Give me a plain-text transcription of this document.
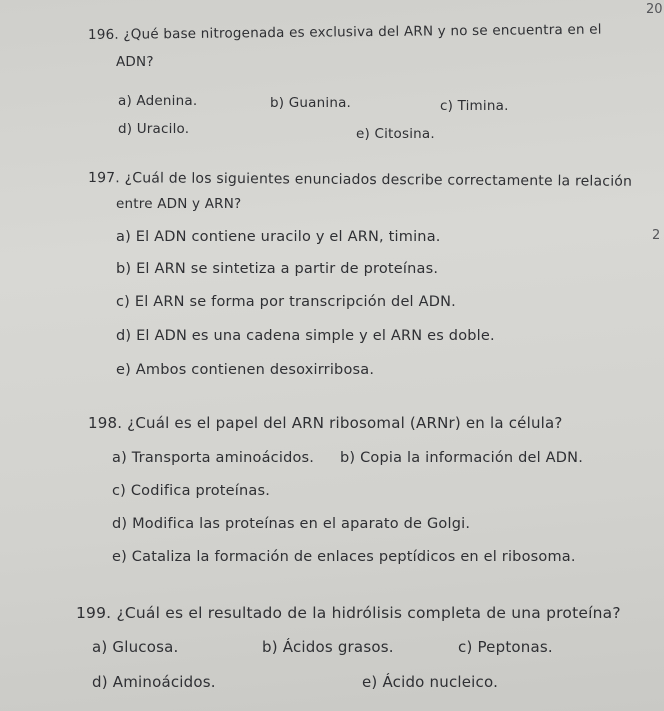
20
2
196. ¿Qué base nitrogenada es exclusiva del ARN y no se encuentra en el
ADN?
a) Adenina.	b) Guanina.	c) Timina.
d) Uracilo.	e) Citosina.
197. ¿Cuál de los siguientes enunciados describe correctamente la relación
entre ADN y ARN?
a) El ADN contiene uracilo y el ARN, timina.
b) El ARN se sintetiza a partir de proteínas.
c) El ARN se forma por transcripción del ADN.
d) El ADN es una cadena simple y el ARN es doble.
e) Ambos contienen desoxirribosa.
198. ¿Cuál es el papel del ARN ribosomal (ARNr) en la célula?
a) Transporta aminoácidos. b) Copia la información del ADN.
c) Codifica proteínas.
d) Modifica las proteínas en el aparato de Golgi.
e) Cataliza la formación de enlaces peptídicos en el ribosoma.
199. ¿Cuál es el resultado de la hidrólisis completa de una proteína?
a) Glucosa.	b) Ácidos grasos.	c) Peptonas.
d) Aminoácidos.	e) Ácido nucleico.
